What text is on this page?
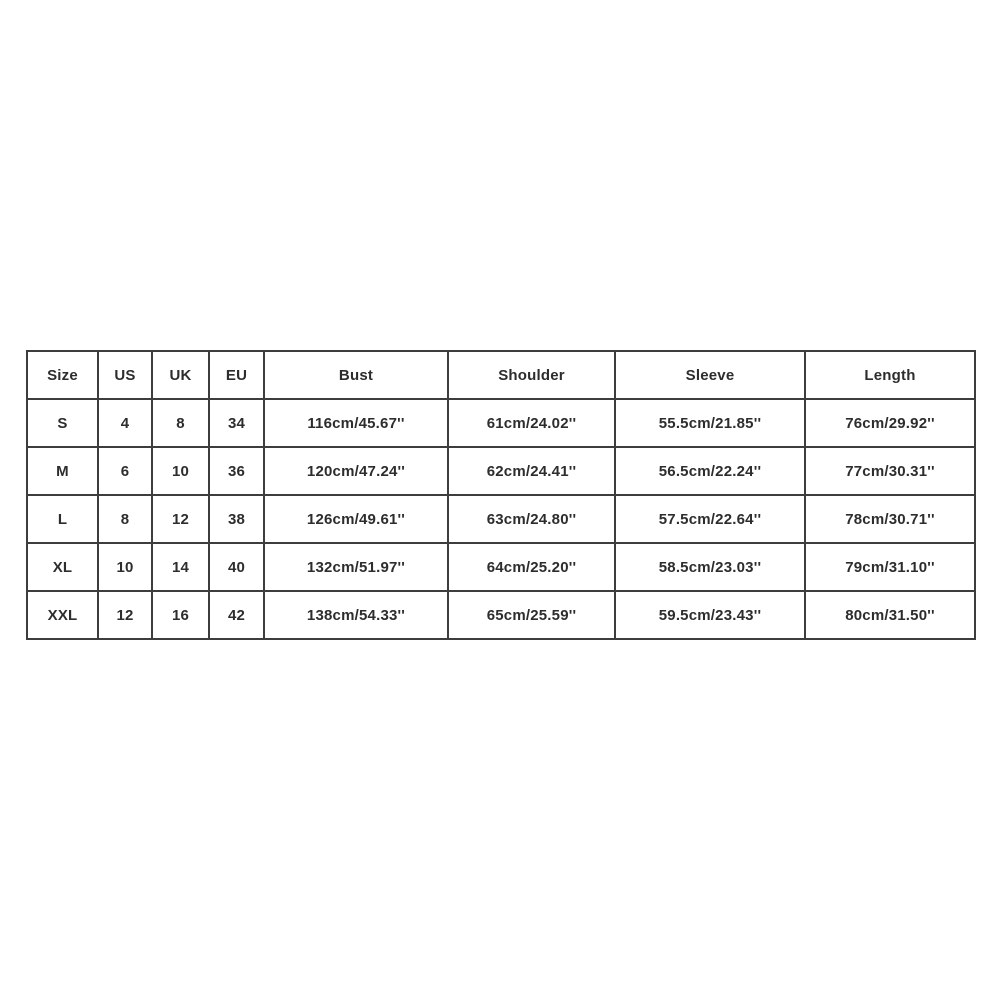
Size	US	UK	EU	Bust	Shoulder	Sleeve	Length
S	4	8	34	116cm/45.67''	61cm/24.02''	55.5cm/21.85''	76cm/29.92''
M	6	10	36	120cm/47.24''	62cm/24.41''	56.5cm/22.24''	77cm/30.31''
L	8	12	38	126cm/49.61''	63cm/24.80''	57.5cm/22.64''	78cm/30.71''
XL	10	14	40	132cm/51.97''	64cm/25.20''	58.5cm/23.03''	79cm/31.10''
XXL	12	16	42	138cm/54.33''	65cm/25.59''	59.5cm/23.43''	80cm/31.50''
